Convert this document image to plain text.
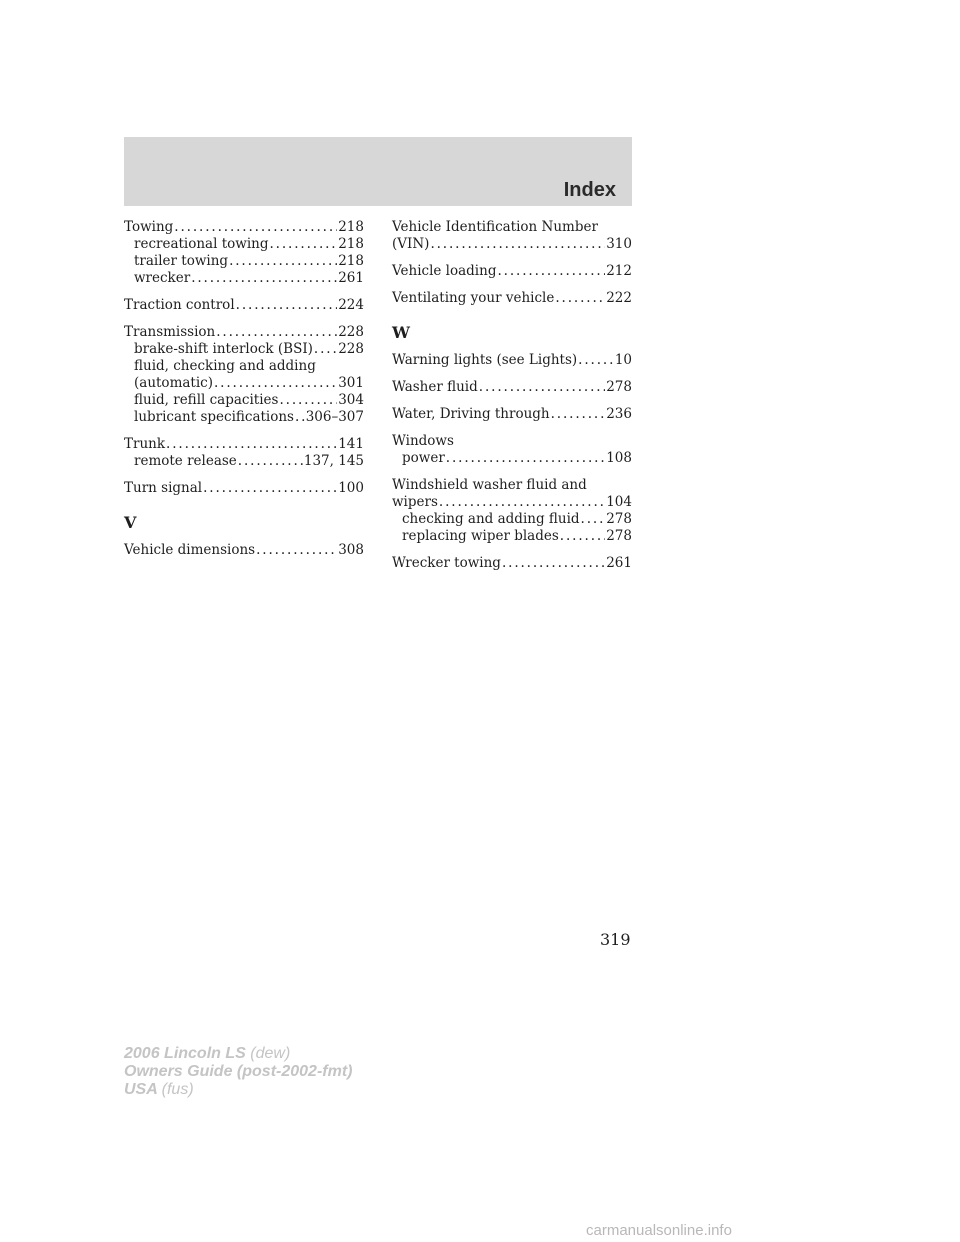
Index
Towing . . .	218
recreational towing . . .	218
trailer towing . . .	218
wrecker . . .	261
Traction control . . .	224
Transmission . . .	228
brake-shift interlock (BSI) . . . 228
fluid, checking and adding
(automatic) . . .	301
fluid, refill capacities . . .	304
lubricant specifications . . . 306–307
Trunk . . .	141
remote release . . .	137, 145
Turn signal . . .	100
V
Vehicle dimensions . . .	308
Vehicle Identification Number
(VIN) . . .	310
Vehicle loading . . .	212
Ventilating your vehicle . . .	222
W
Warning lights (see Lights) . . .	10
Washer fluid . . .	278
Water, Driving through . . .	236
Windows
power . . .	108
Windshield washer fluid and
wipers . . .	104
checking and adding fluid . . . 278
replacing wiper blades . . .	278
Wrecker towing . . .	261
319
2006 Lincoln LS (dew)
Owners Guide (post-2002-fmt)
USA (fus)
carmanualsonline.info
